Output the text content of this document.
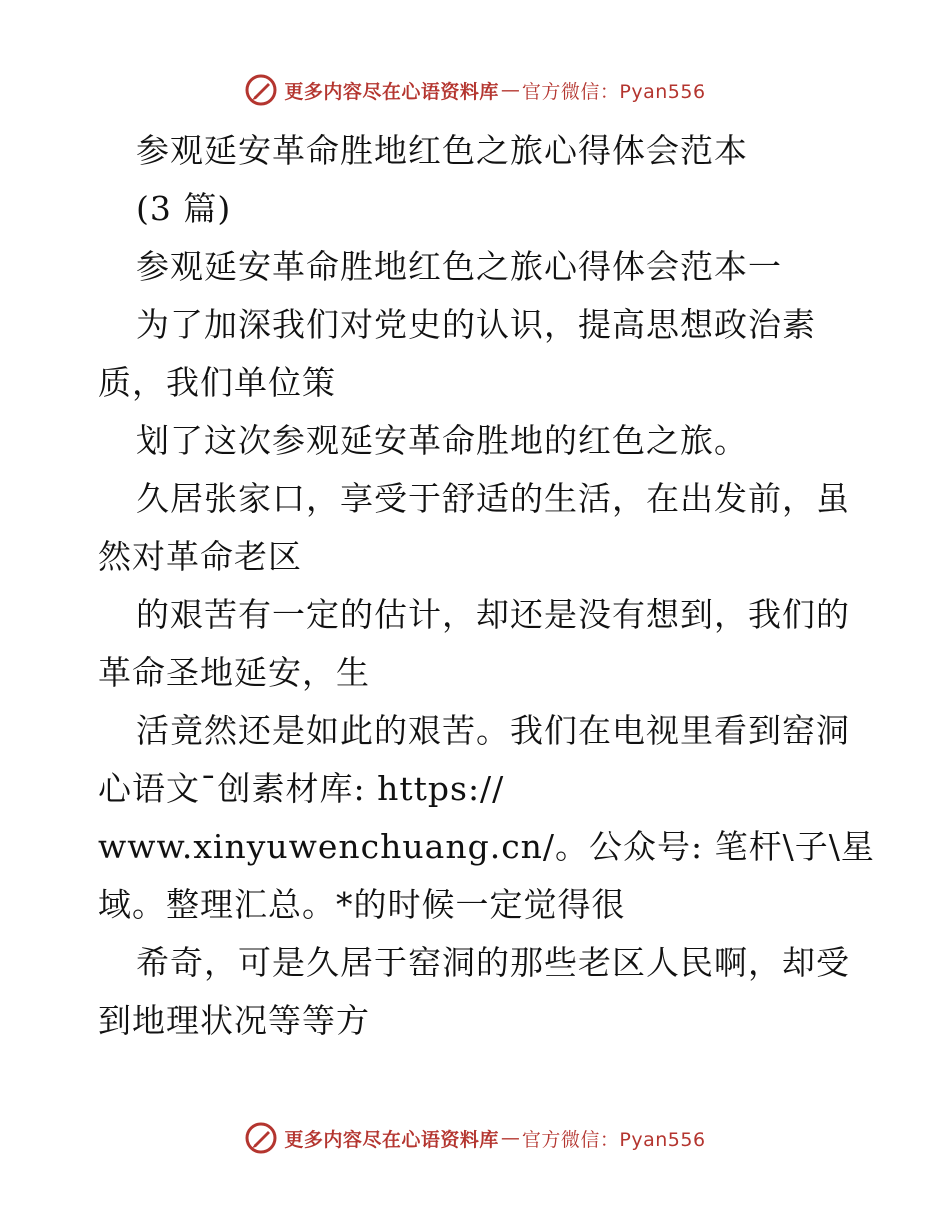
更多内容尽在心语资料库 — 官方微信：Pyan556
参观延安革命胜地红色之旅心得体会范本
(3 篇)
参观延安革命胜地红色之旅心得体会范本一
为了加深我们对党史的认识，提高思想政治素
质，我们单位策
划了这次参观延安革命胜地的红色之旅。
久居张家口，享受于舒适的生活，在出发前，虽
然对革命老区
的艰苦有一定的估计，却还是没有想到，我们的
革命圣地延安，生
活竟然还是如此的艰苦。我们在电视里看到窑洞
心语文¯创素材库: https://
www.xinyuwenchuang.cn/。公众号: 笔杆\子\星
域。整理汇总。*的时候一定觉得很
希奇，可是久居于窑洞的那些老区人民啊，却受
到地理状况等等方
更多内容尽在心语资料库 — 官方微信：Pyan556
